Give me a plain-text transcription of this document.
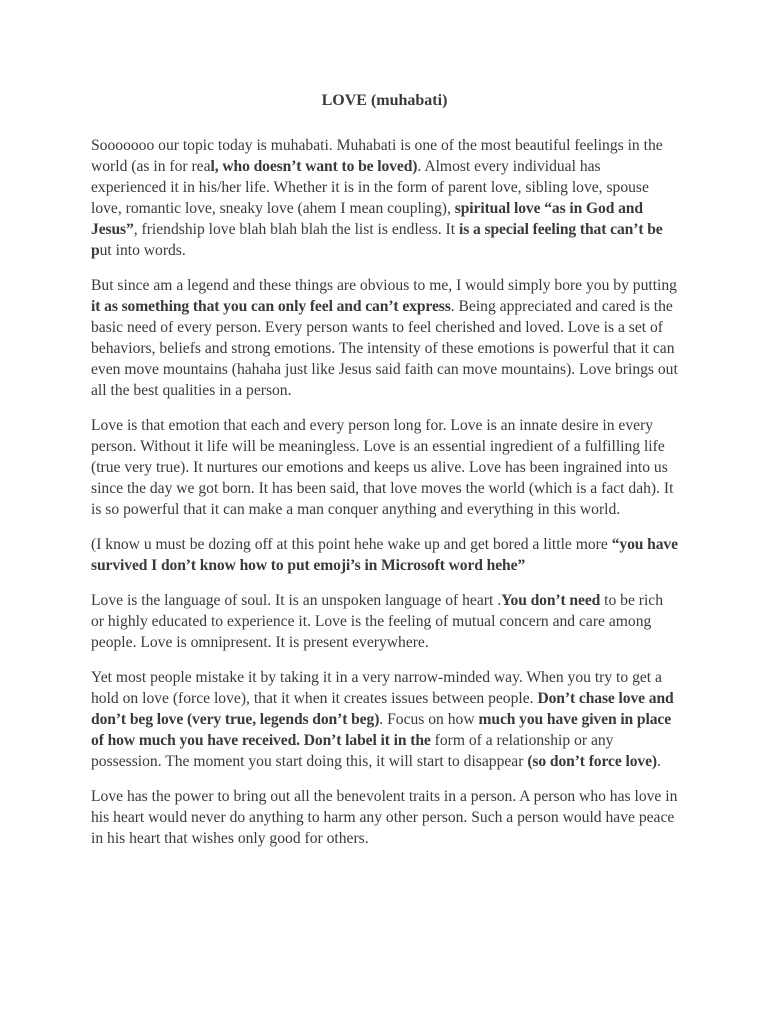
LOVE (muhabati)

Sooooooo our topic today is muhabati. Muhabati is one of the most beautiful feelings in the world (as in for real, who doesn’t want to be loved). Almost every individual has experienced it in his/her life. Whether it is in the form of parent love, sibling love, spouse love, romantic love, sneaky love (ahem I mean coupling), spiritual love “as in God and Jesus”, friendship love blah blah blah the list is endless. It is a special feeling that can’t be put into words.

But since am a legend and these things are obvious to me, I would simply bore you by putting it as something that you can only feel and can’t express. Being appreciated and cared is the basic need of every person. Every person wants to feel cherished and loved. Love is a set of behaviors, beliefs and strong emotions. The intensity of these emotions is powerful that it can even move mountains (hahaha just like Jesus said faith can move mountains). Love brings out all the best qualities in a person.

Love is that emotion that each and every person long for. Love is an innate desire in every person. Without it life will be meaningless. Love is an essential ingredient of a fulfilling life (true very true). It nurtures our emotions and keeps us alive. Love has been ingrained into us since the day we got born. It has been said, that love moves the world (which is a fact dah). It is so powerful that it can make a man conquer anything and everything in this world.

(I know u must be dozing off at this point hehe wake up and get bored a little more “you have survived I don’t know how to put emoji’s in Microsoft word hehe”

Love is the language of soul. It is an unspoken language of heart .You don’t need to be rich or highly educated to experience it. Love is the feeling of mutual concern and care among people. Love is omnipresent. It is present everywhere.

Yet most people mistake it by taking it in a very narrow-minded way. When you try to get a hold on love (force love), that it when it creates issues between people. Don’t chase love and don’t beg love (very true, legends don’t beg). Focus on how much you have given in place of how much you have received. Don’t label it in the form of a relationship or any possession. The moment you start doing this, it will start to disappear (so don’t force love).

Love has the power to bring out all the benevolent traits in a person. A person who has love in his heart would never do anything to harm any other person. Such a person would have peace in his heart that wishes only good for others.
